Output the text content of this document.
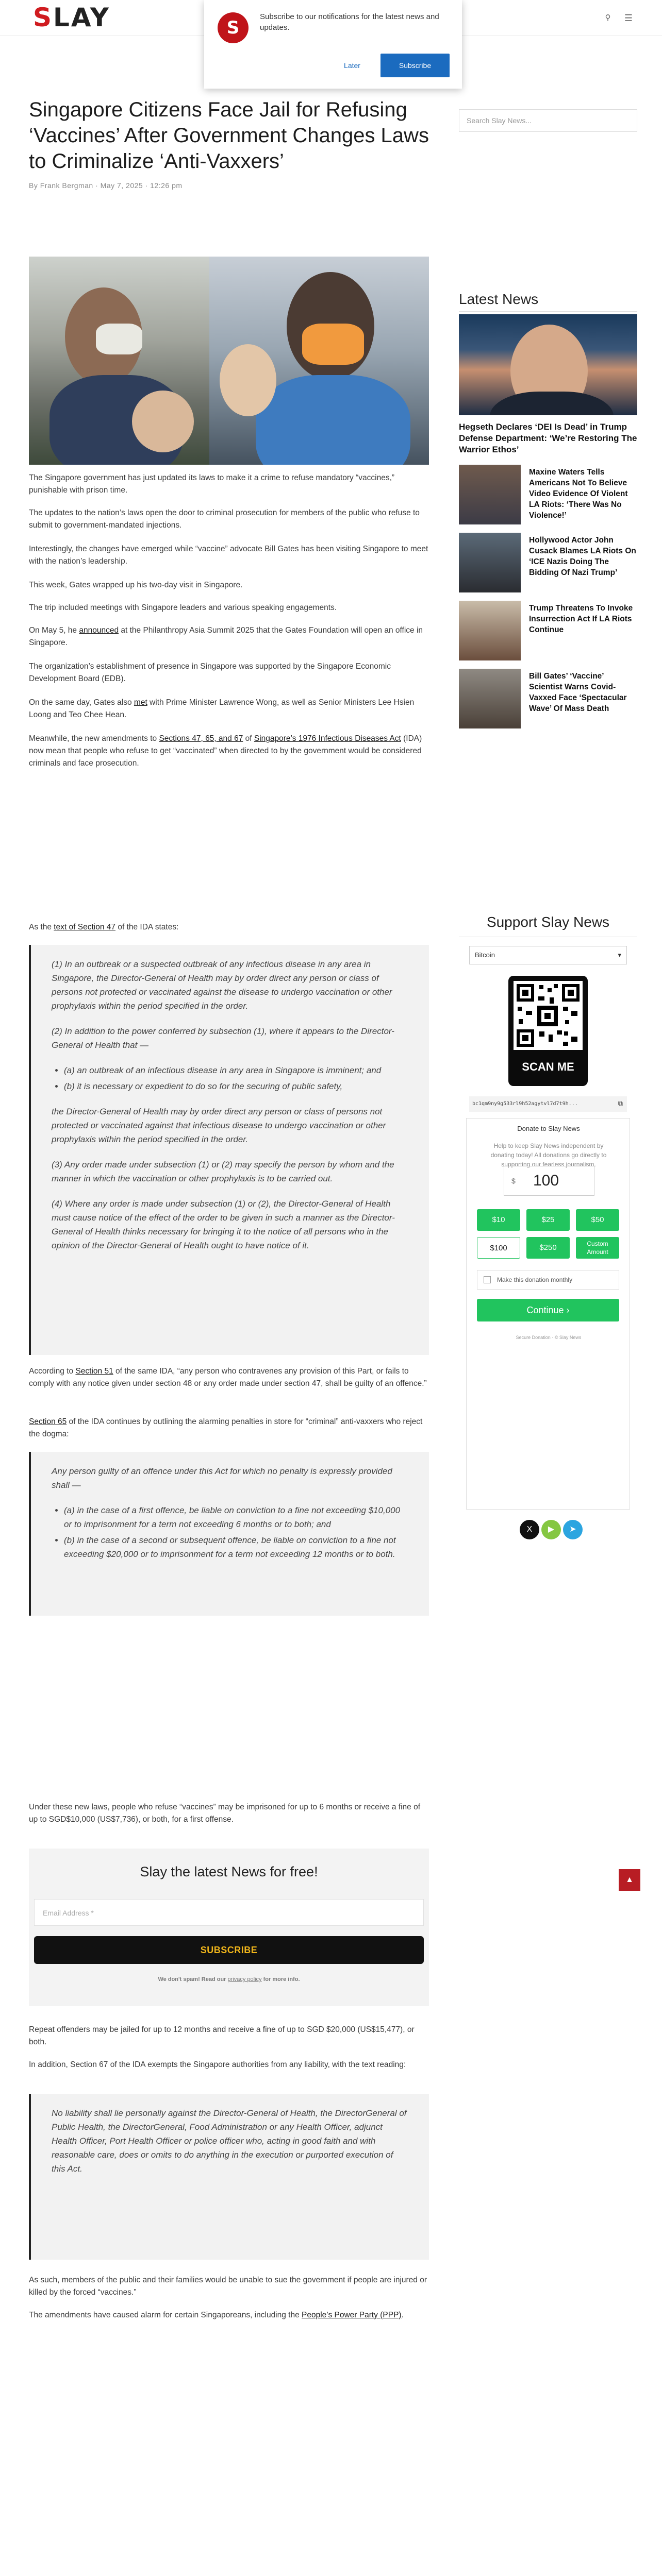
SLAY	⚲ ☰
S
Subscribe to our notifications for the latest news and updates.
Later	Subscribe
Singapore Citizens Face Jail for Refusing ‘Vaccines’ After Government Changes Laws to Criminalize ‘Anti-Vaxxers’
By Frank Bergman · May 7, 2025 · 12:26 pm

The Singapore government has just updated its laws to make it a crime to refuse mandatory “vaccines,” punishable with prison time.

The updates to the nation’s laws open the door to criminal prosecution for members of the public who refuse to submit to government-mandated injections.

Interestingly, the changes have emerged while “vaccine” advocate Bill Gates has been visiting Singapore to meet with the nation’s leadership.

This week, Gates wrapped up his two-day visit in Singapore.

The trip included meetings with Singapore leaders and various speaking engagements.

On May 5, he announced at the Philanthropy Asia Summit 2025 that the Gates Foundation will open an office in Singapore.

The organization’s establishment of presence in Singapore was supported by the Singapore Economic Development Board (EDB).

On the same day, Gates also met with Prime Minister Lawrence Wong, as well as Senior Ministers Lee Hsien Loong and Teo Chee Hean.

Meanwhile, the new amendments to Sections 47, 65, and 67 of Singapore’s 1976 Infectious Diseases Act (IDA) now mean that people who refuse to get “vaccinated” when directed to by the government would be considered criminals and face prosecution.

As the text of Section 47 of the IDA states:

(1) In an outbreak or a suspected outbreak of any infectious disease in any area in Singapore, the Director-General of Health may by order direct any person or class of persons not protected or vaccinated against the disease to undergo vaccination or other prophylaxis within the period specified in the order.

(2) In addition to the power conferred by subsection (1), where it appears to the Director-General of Health that —

• (a) an outbreak of an infectious disease in any area in Singapore is imminent; and
• (b) it is necessary or expedient to do so for the securing of public safety,

the Director-General of Health may by order direct any person or class of persons not protected or vaccinated against that infectious disease to undergo vaccination or other prophylaxis within the period specified in the order.

(3) Any order made under subsection (1) or (2) may specify the person by whom and the manner in which the vaccination or other prophylaxis is to be carried out.

(4) Where any order is made under subsection (1) or (2), the Director-General of Health must cause notice of the effect of the order to be given in such a manner as the Director-General of Health thinks necessary for bringing it to the notice of all persons who in the opinion of the Director-General of Health ought to have notice of it.

According to Section 51 of the same IDA, “any person who contravenes any provision of this Part, or fails to comply with any notice given under section 48 or any order made under section 47, shall be guilty of an offence.”

Section 65 of the IDA continues by outlining the alarming penalties in store for “criminal” anti-vaxxers who reject the dogma:

Any person guilty of an offence under this Act for which no penalty is expressly provided shall —

• (a) in the case of a first offence, be liable on conviction to a fine not exceeding $10,000 or to imprisonment for a term not exceeding 6 months or to both; and
• (b) in the case of a second or subsequent offence, be liable on conviction to a fine not exceeding $20,000 or to imprisonment for a term not exceeding 12 months or to both.

Under these new laws, people who refuse “vaccines” may be imprisoned for up to 6 months or receive a fine of up to SGD$10,000 (US$7,736), or both, for a first offense.

Slay the latest News for free!
Email Address *
SUBSCRIBE
We don't spam! Read our privacy policy for more info.

Repeat offenders may be jailed for up to 12 months and receive a fine of up to SGD $20,000 (US$15,477), or both.

In addition, Section 67 of the IDA exempts the Singapore authorities from any liability, with the text reading:

No liability shall lie personally against the Director-General of Health, the DirectorGeneral of Public Health, the DirectorGeneral, Food Administration or any Health Officer, adjunct Health Officer, Port Health Officer or police officer who, acting in good faith and with reasonable care, does or omits to do anything in the execution or purported execution of this Act.

As such, members of the public and their families would be unable to sue the government if people are injured or killed by the forced “vaccines.”

The amendments have caused alarm for certain Singaporeans, including the People’s Power Party (PPP).

Search Slay News...
Latest News
Hegseth Declares ‘DEI Is Dead’ in Trump Defense Department: ‘We’re Restoring The Warrior Ethos’
Maxine Waters Tells Americans Not To Believe Video Evidence Of Violent LA Riots: ‘There Was No Violence!’
Hollywood Actor John Cusack Blames LA Riots On ‘ICE Nazis Doing The Bidding Of Nazi Trump’
Trump Threatens To Invoke Insurrection Act If LA Riots Continue
Bill Gates’ ‘Vaccine’ Scientist Warns Covid-Vaxxed Face ‘Spectacular Wave’ Of Mass Death
Support Slay News
Bitcoin	▾
SCAN ME
bc1qm9ny9g533rl9h52agytvl7d7t9h...	⧉
Donate to Slay News
Help to keep Slay News independent by donating today! All donations go directly to supporting our fearless journalism.
$ 100
$10	$25	$50
$100	$250	Custom Amount
Make this donation monthly
Continue ›
Secure Donation · © Slay News
X	▶	➤
▲
